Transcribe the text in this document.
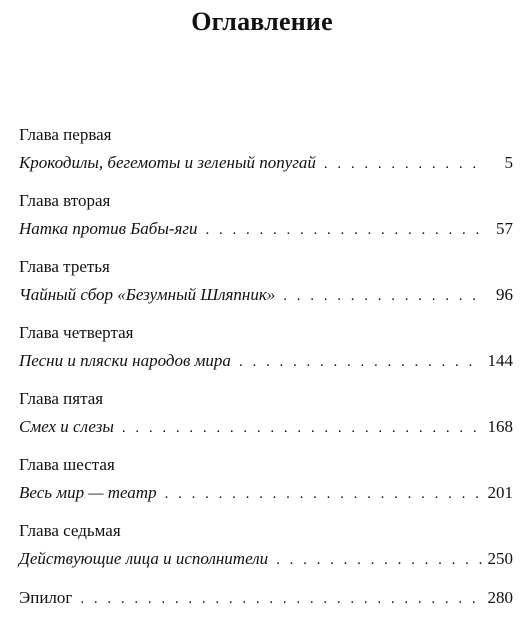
Оглавление
Глава первая
Крокодилы, бегемоты и зеленый попугай . . .	5
Глава вторая
Натка против Бабы-яги . . .	57
Глава третья
Чайный сбор «Безумный Шляпник» . . .	96
Глава четвертая
Песни и пляски народов мира . . .	144
Глава пятая
Смех и слезы . . .	168
Глава шестая
Весь мир — театр . . .	201
Глава седьмая
Действующие лица и исполнители . . .	250
Эпилог . . .	280
